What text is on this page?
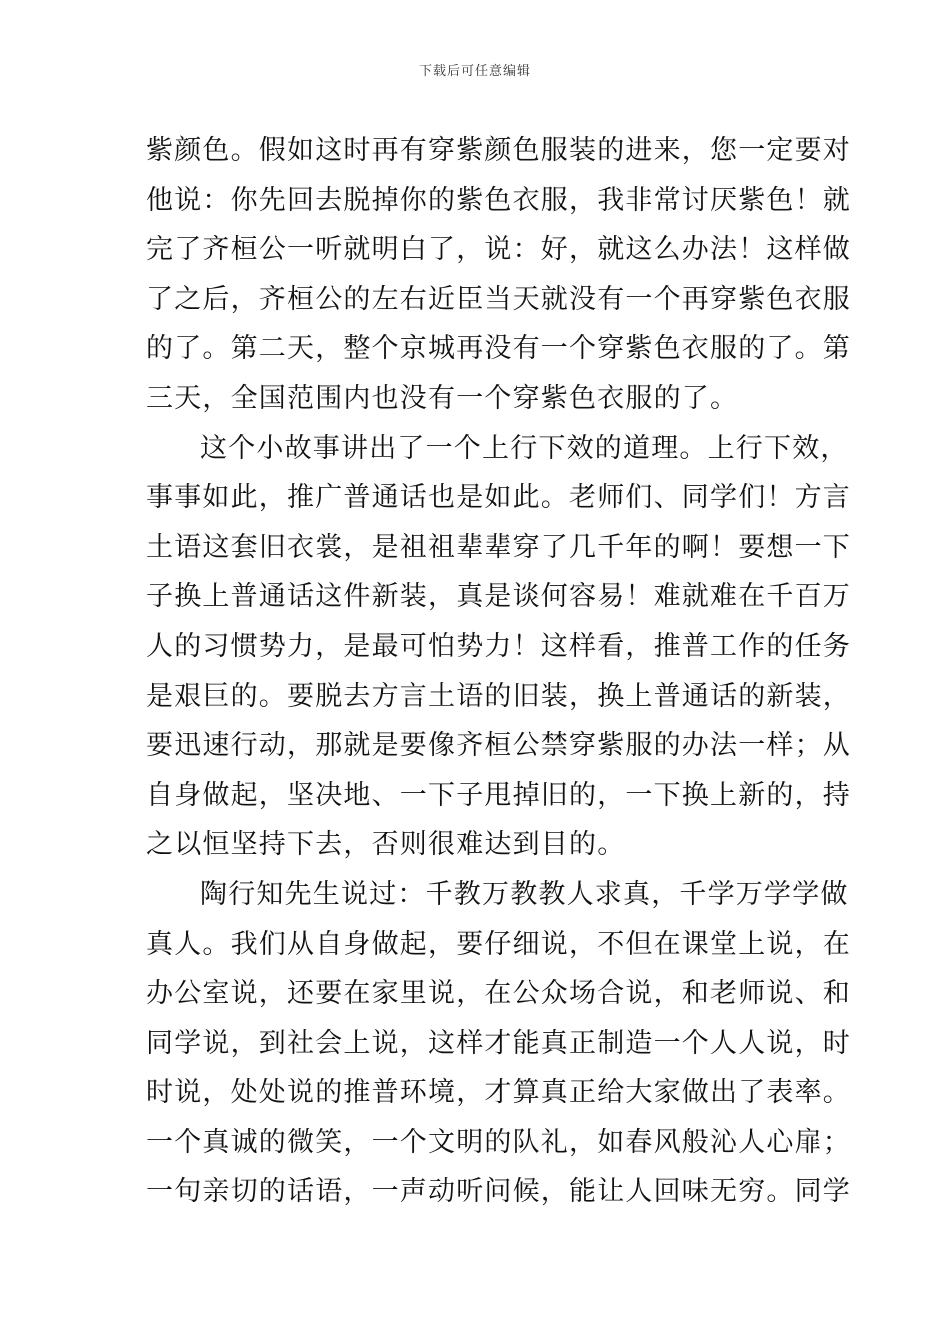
下载后可任意编辑
紫颜色。假如这时再有穿紫颜色服装的进来，您一定要对
他说：你先回去脱掉你的紫色衣服，我非常讨厌紫色！就
完了齐桓公一听就明白了，说：好，就这么办法！这样做
了之后，齐桓公的左右近臣当天就没有一个再穿紫色衣服
的了。第二天，整个京城再没有一个穿紫色衣服的了。第
三天，全国范围内也没有一个穿紫色衣服的了。
这个小故事讲出了一个上行下效的道理。上行下效，
事事如此，推广普通话也是如此。老师们、同学们！方言
土语这套旧衣裳，是祖祖辈辈穿了几千年的啊！要想一下
子换上普通话这件新装，真是谈何容易！难就难在千百万
人的习惯势力，是最可怕势力！这样看，推普工作的任务
是艰巨的。要脱去方言土语的旧装，换上普通话的新装，
要迅速行动，那就是要像齐桓公禁穿紫服的办法一样；从
自身做起，坚决地、一下子甩掉旧的，一下换上新的，持
之以恒坚持下去，否则很难达到目的。
陶行知先生说过：千教万教教人求真，千学万学学做
真人。我们从自身做起，要仔细说，不但在课堂上说，在
办公室说，还要在家里说，在公众场合说，和老师说、和
同学说，到社会上说，这样才能真正制造一个人人说，时
时说，处处说的推普环境，才算真正给大家做出了表率。
一个真诚的微笑，一个文明的队礼，如春风般沁人心扉；
一句亲切的话语，一声动听问候，能让人回味无穷。同学
